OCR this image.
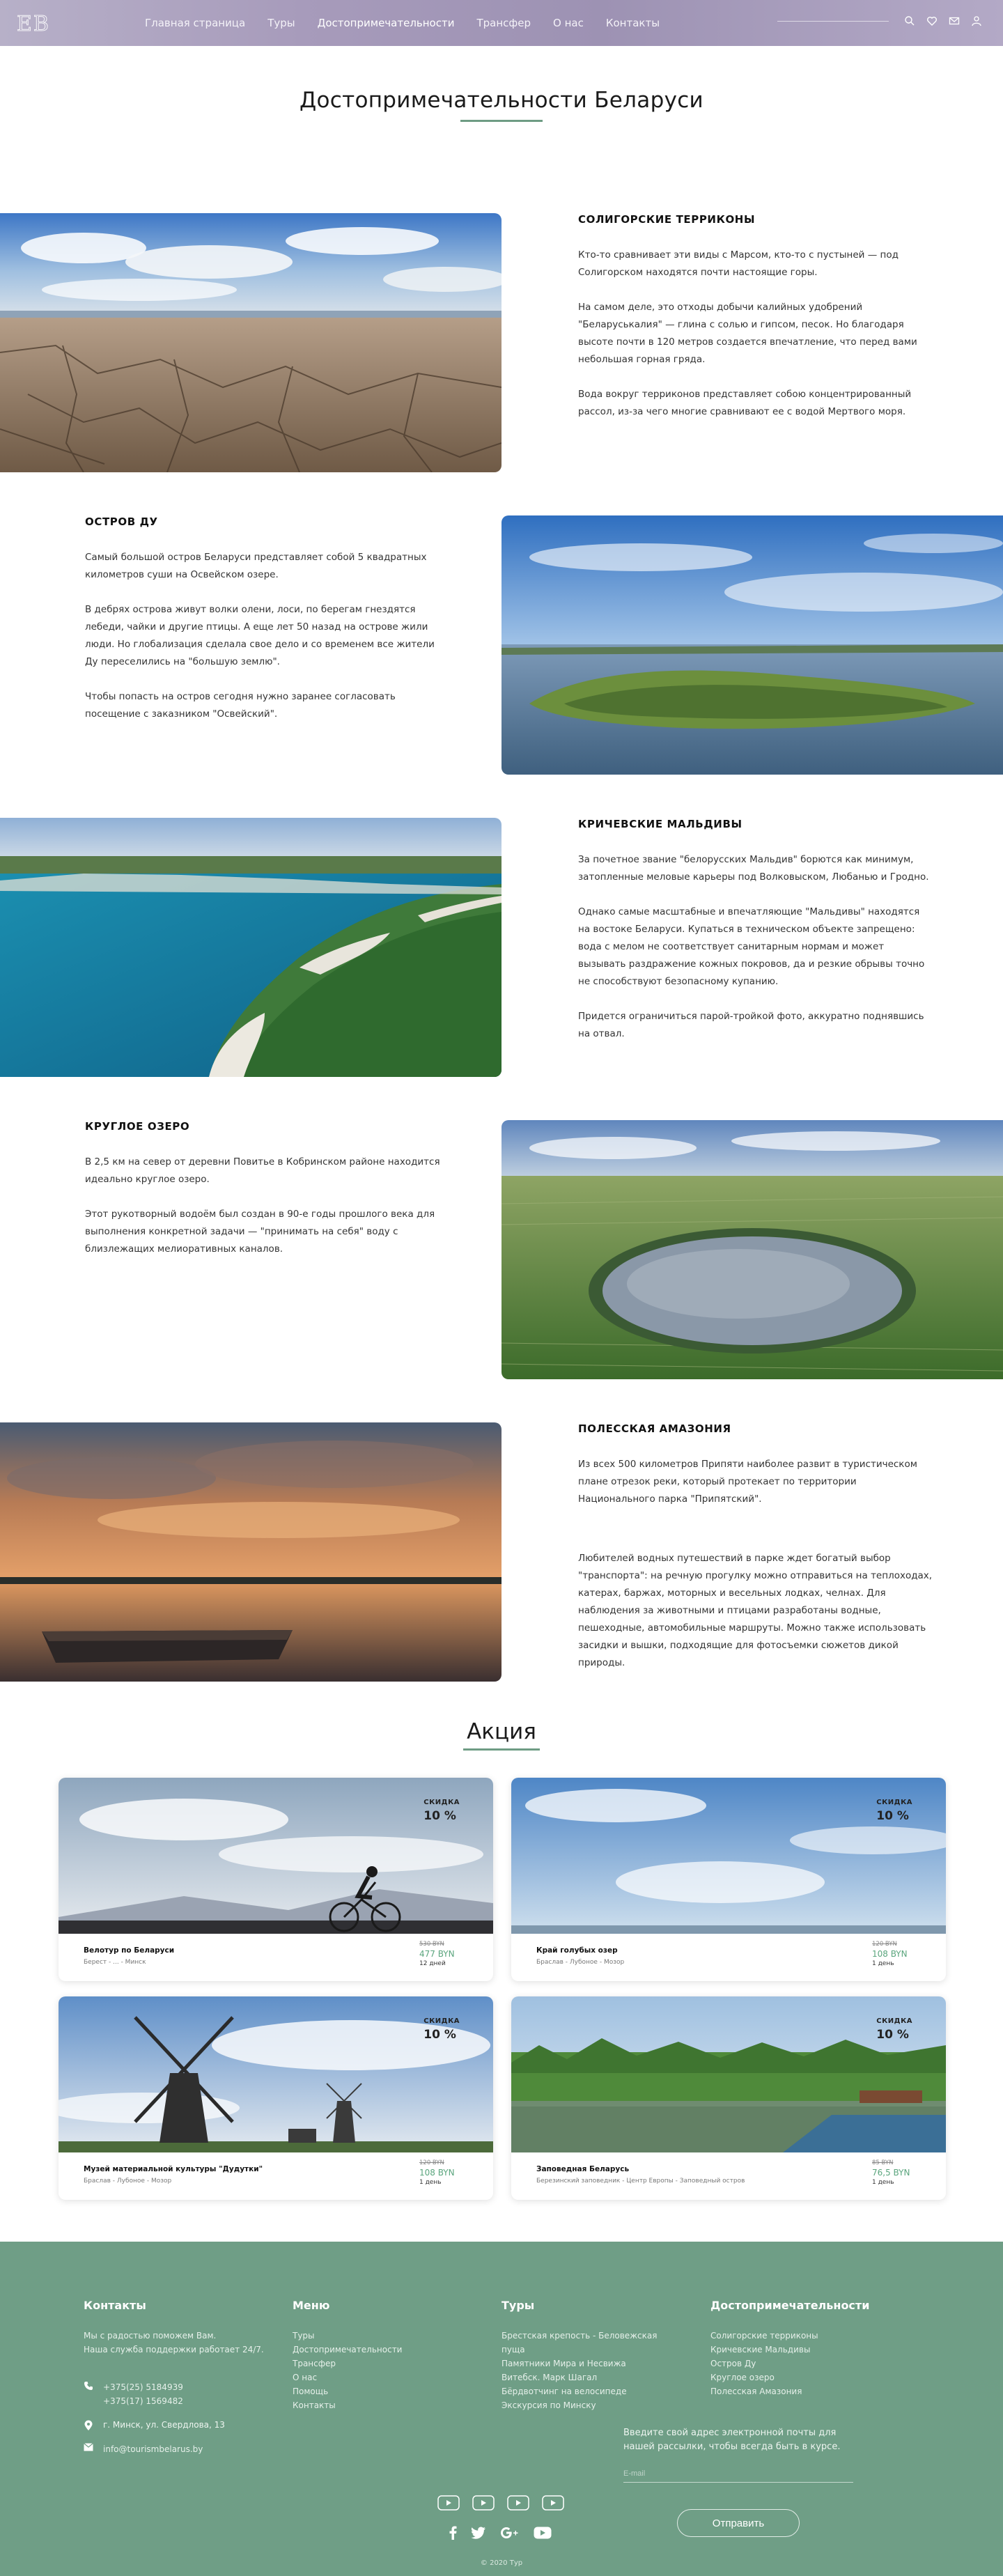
ЕВ	Главная страница Туры Достопримечательности Трансфер О нас Контакты
Достопримечательности Беларуси
СОЛИГОРСКИЕ ТЕРРИКОНЫ

Кто-то сравнивает эти виды с Марсом, кто-то с пустыней — под Солигорском находятся почти настоящие горы.

На самом деле, это отходы добычи калийных удобрений "Беларуськалия" — глина с солью и гипсом, песок. Но благодаря высоте почти в 120 метров создается впечатление, что перед вами небольшая горная гряда.

Вода вокруг терриконов представляет собою концентрированный рассол, из-за чего многие сравнивают ее с водой Мертвого моря.

ОСТРОВ ДУ

Самый большой остров Беларуси представляет собой 5 квадратных километров суши на Освейском озере.

В дебрях острова живут волки олени, лоси, по берегам гнездятся лебеди, чайки и другие птицы. А еще лет 50 назад на острове жили люди. Но глобализация сделала свое дело и со временем все жители Ду переселились на "большую землю".

Чтобы попасть на остров сегодня нужно заранее согласовать посещение с заказником "Освейский".

КРИЧЕВСКИЕ МАЛЬДИВЫ

За почетное звание "белорусских Мальдив" борются как минимум, затопленные меловые карьеры под Волковыском, Любанью и Гродно.

Однако самые масштабные и впечатляющие "Мальдивы" находятся на востоке Беларуси. Купаться в техническом объекте запрещено: вода с мелом не соответствует санитарным нормам и может вызывать раздражение кожных покровов, да и резкие обрывы точно не способствуют безопасному купанию.

Придется ограничиться парой-тройкой фото, аккуратно поднявшись на отвал.

КРУГЛОЕ ОЗЕРО

В 2,5 км на север от деревни Повитье в Кобринском районе находится идеально круглое озеро.

Этот рукотворный водоём был создан в 90-е годы прошлого века для выполнения конкретной задачи — "принимать на себя" воду с близлежащих мелиоративных каналов.

ПОЛЕССКАЯ АМАЗОНИЯ

Из всех 500 километров Припяти наиболее развит в туристическом плане отрезок реки, который протекает по территории Национального парка "Припятский".

Любителей водных путешествий в парке ждет богатый выбор "транспорта": на речную прогулку можно отправиться на теплоходах, катерах, баржах, моторных и весельных лодках, челнах. Для наблюдения за животными и птицами разработаны водные, пешеходные, автомобильные маршруты. Можно также использовать засидки и вышки, подходящие для фотосъемки сюжетов дикой природы.

Акция
СКИДКА
10 %
Велотур по Беларуси
Берест - ... - Минск
530 BYN
477 BYN
12 дней
СКИДКА
10 %
Край голубых озер
Браслав - Лубоное - Мозор
120 BYN
108 BYN
1 день
СКИДКА
10 %
Музей материальной культуры "Дудутки"
Браслав - Лубоное - Мозор
120 BYN
108 BYN
1 день
СКИДКА
10 %
Заповедная Беларусь
Березинский заповедник - Центр Европы - Заповедный остров
85 BYN
76,5 BYN
1 день
Контакты
Мы с радостью поможем Вам.
Наша служба поддержки работает 24/7.
+375(25) 5184939
+375(17) 1569482
г. Минск, ул. Свердлова, 13
info@tourismbelarus.by
Меню
Туры
Достопримечательности
Трансфер
О нас
Помощь
Контакты
Туры
Брестская крепость - Беловежская пуща
Памятники Мира и Несвижа
Витебск. Марк Шагал
Бёрдвотчинг на велосипеде
Экскурсия по Минску
Достопримечательности
Солигорские терриконы
Кричевские Мальдивы
Остров Ду
Круглое озеро
Полесская Амазония

Введите свой адрес электронной почты для нашей рассылки, чтобы всегда быть в курсе.

E-mail
Отправить
© 2020 Тур
